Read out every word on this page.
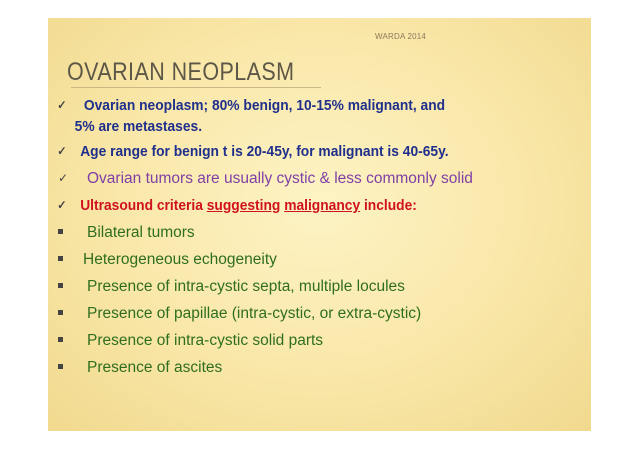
WARDA 2014
OVARIAN NEOPLASM
✓ Ovarian neoplasm; 80% benign, 10-15% malignant, and
5% are metastases.
✓ Age range for benign t is 20-45y, for malignant is 40-65y.
✓ Ovarian tumors are usually cystic & less commonly solid
✓ Ultrasound criteria suggesting malignancy include:
Bilateral tumors
Heterogeneous echogeneity
Presence of intra-cystic septa, multiple locules
Presence of papillae (intra-cystic, or extra-cystic)
Presence of intra-cystic solid parts
Presence of ascites
